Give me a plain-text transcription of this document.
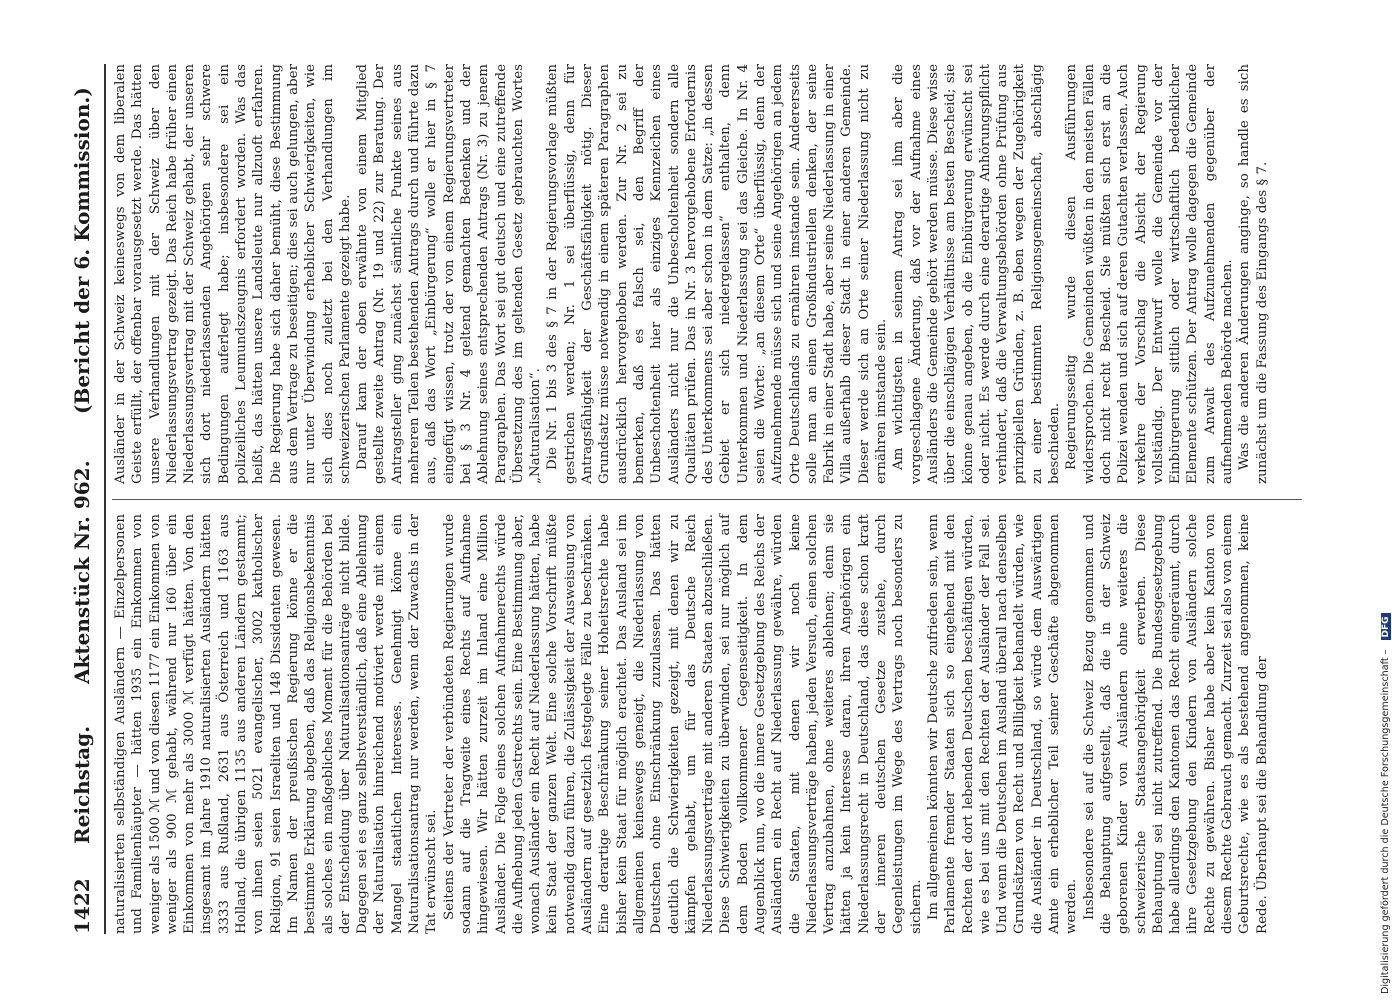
1422
Reichstag.
Aktenstück Nr. 962.
(Bericht der 6. Kommission.)

naturalisierten selbständigen Ausländern — Einzelpersonen und Familienhäupter — hätten 1935 ein Einkommen von weniger als 1500 ℳ und von diesen 1177 ein Einkommen von weniger als 900 ℳ gehabt, während nur 160 über ein Einkommen von mehr als 3000 ℳ verfügt hätten. Von den insgesamt im Jahre 1910 naturalisierten Ausländern hätten 3333 aus Rußland, 2631 aus Österreich und 1163 aus Holland, die übrigen 1135 aus anderen Ländern gestammt; von ihnen seien 5021 evangelischer, 3002 katholischer Religion, 91 seien Israeliten und 148 Dissidenten gewesen. Im Namen der preußischen Regierung könne er die bestimmte Erklärung abgeben, daß das Religionsbekenntnis als solches ein maßgebliches Moment für die Behörden bei der Entscheidung über Naturalisationsanträge nicht bilde. Dagegen sei es ganz selbstverständlich, daß eine Ablehnung der Naturalisation hinreichend motiviert werde mit einem Mangel staatlichen Interesses. Genehmigt könne ein Naturalisationsantrag nur werden, wenn der Zuwachs in der Tat erwünscht sei. Seitens der Vertreter der verbündeten Regierungen wurde sodann auf die Tragweite eines Rechts auf Aufnahme hingewiesen. Wir hätten zurzeit im Inland eine Million Ausländer. Die Folge eines solchen Aufnahmerechts würde die Aufhebung jeden Gastrechts sein. Eine Bestimmung aber, wonach Ausländer ein Recht auf Niederlassung hätten, habe kein Staat der ganzen Welt. Eine solche Vorschrift müßte notwendig dazu führen, die Zulässigkeit der Ausweisung von Ausländern auf gesetzlich festgelegte Fälle zu beschränken. Eine derartige Beschränkung seiner Hoheitsrechte habe bisher kein Staat für möglich erachtet. Das Ausland sei im allgemeinen keineswegs geneigt, die Niederlassung von Deutschen ohne Einschränkung zuzulassen. Das hätten deutlich die Schwierigkeiten gezeigt, mit denen wir zu kämpfen gehabt, um für das Deutsche Reich Niederlassungsverträge mit anderen Staaten abzuschließen. Diese Schwierigkeiten zu überwinden, sei nur möglich auf dem Boden vollkommener Gegenseitigkeit. In dem Augenblick nun, wo die innere Gesetzgebung des Reichs der Ausländern ein Recht auf Niederlassung gewähre, würden die Staaten, mit denen wir noch keine Niederlassungsverträge haben, jeden Versuch, einen solchen Vertrag anzubahnen, ohne weiteres ablehnen; denn sie hätten ja kein Interesse daran, ihren Angehörigen ein Niederlassungsrecht in Deutschland, das diese schon kraft der inneren deutschen Gesetze zustehe, durch Gegenleistungen im Wege des Vertrags noch besonders zu sichern. Im allgemeinen könnten wir Deutsche zufrieden sein, wenn Parlamente fremder Staaten sich so eingehend mit den Rechten der dort lebenden Deutschen beschäftigen würden, wie es bei uns mit den Rechten der Ausländer der Fall sei. Und wenn die Deutschen im Ausland überall nach denselben Grundsätzen von Recht und Billigkeit behandelt würden, wie die Ausländer in Deutschland, so würde dem Auswärtigen Amte ein erheblicher Teil seiner Geschäfte abgenommen werden. Insbesondere sei auf die Schweiz Bezug genommen und die Behauptung aufgestellt, daß die in der Schweiz geborenen Kinder von Ausländern ohne weiteres die schweizerische Staatsangehörigkeit erwerben. Diese Behauptung sei nicht zutreffend. Die Bundesgesetzgebung habe allerdings den Kantonen das Recht eingeräumt, durch ihre Gesetzgebung den Kindern von Ausländern solche Rechte zu gewähren. Bisher habe aber kein Kanton von diesem Rechte Gebrauch gemacht. Zurzeit sei also von einem Geburtsrechte, wie es als bestehend angenommen, keine Rede. Überhaupt sei die Behandlung der

Ausländer in der Schweiz keineswegs von dem liberalen Geiste erfüllt, der offenbar vorausgesetzt werde. Das hätten unsere Verhandlungen mit der Schweiz über den Niederlassungsvertrag gezeigt. Das Reich habe früher einen Niederlassungsvertrag mit der Schweiz gehabt, der unseren sich dort niederlassenden Angehörigen sehr schwere Bedingungen auferlegt habe; insbesondere sei ein polizeiliches Leumundszeugnis erfordert worden. Was das heißt, das hätten unsere Landsleute nur allzuoft erfahren. Die Regierung habe sich daher bemüht, diese Bestimmung aus dem Vertrage zu beseitigen; dies sei auch gelungen, aber nur unter Überwindung erheblicher Schwierigkeiten, wie sich dies noch zuletzt bei den Verhandlungen im schweizerischen Parlamente gezeigt habe. Darauf kam der oben erwähnte von einem Mitglied gestellte zweite Antrag (Nr. 19 und 22) zur Beratung. Der Antragsteller ging zunächst sämtliche Punkte seines aus mehreren Teilen bestehenden Antrags durch und führte dazu aus, daß das Wort „Einbürgerung“ wolle er hier in § 7 eingefügt wissen, trotz der von einem Regierungsvertreter bei § 3 Nr. 4 geltend gemachten Bedenken und der Ablehnung seines entsprechenden Antrags (Nr. 3) zu jenem Paragraphen. Das Wort sei gut deutsch und eine zutreffende Übersetzung des im geltenden Gesetz gebrauchten Wortes „Naturalisation“. Die Nr. 1 bis 3 des § 7 in der Regierungsvorlage müßten gestrichen werden; Nr. 1 sei überflüssig, denn für Antragsfähigkeit der Geschäftsfähigkeit nötig. Dieser Grundsatz müsse notwendig in einem späteren Paragraphen ausdrücklich hervorgehoben werden. Zur Nr. 2 sei zu bemerken, daß es falsch sei, den Begriff der Unbescholtenheit hier als einziges Kennzeichen eines Ausländers nicht nur die Unbescholtenheit sondern alle Qualitäten prüfen. Das in Nr. 3 hervorgehobene Erfordernis des Unterkommens sei aber schon in dem Satze: „in dessen Gebiet er sich niedergelassen“ enthalten, denn Unterkommen und Niederlassung sei das Gleiche. In Nr. 4 seien die Worte: „an diesem Orte“ überflüssig, denn der Aufzunehmende müsse sich und seine Angehörigen an jedem Orte Deutschlands zu ernähren imstande sein. Andererseits solle man an einen Großindustriellen denken, der seine Fabrik in einer Stadt habe, aber seine Niederlassung in einer Villa außerhalb dieser Stadt in einer anderen Gemeinde. Dieser werde sich an Orte seiner Niederlassung nicht zu ernähren imstande sein. Am wichtigsten in seinem Antrag sei ihm aber die vorgeschlagene Änderung, daß vor der Aufnahme eines Ausländers die Gemeinde gehört werden müsse. Diese wisse über die einschlägigen Verhältnisse am besten Bescheid; sie könne genau angeben, ob die Einbürgerung erwünscht sei oder nicht. Es werde durch eine derartige Anhörungspflicht verhindert, daß die Verwaltungsbehörden ohne Prüfung aus prinzipiellen Gründen, z. B. eben wegen der Zugehörigkeit zu einer bestimmten Religionsgemeinschaft, abschlägig beschieden. Regierungsseitig wurde diesen Ausführungen widersprochen. Die Gemeinden wüßten in den meisten Fällen doch nicht recht Bescheid. Sie müßten sich erst an die Polizei wenden und sich auf deren Gutachten verlassen. Auch verkehre der Vorschlag die Absicht der Regierung vollständig. Der Entwurf wolle die Gemeinde vor der Einbürgerung sittlich oder wirtschaftlich bedenklicher Elemente schützen. Der Antrag wolle dagegen die Gemeinde zum Anwalt des Aufzunehmenden gegenüber der aufnehmenden Behörde machen. Was die anderen Änderungen anginge, so handle es sich zunächst um die Fassung des Eingangs des § 7.

Digitalisierung gefördert durch die Deutsche Forschungsgemeinschaft – DFG
